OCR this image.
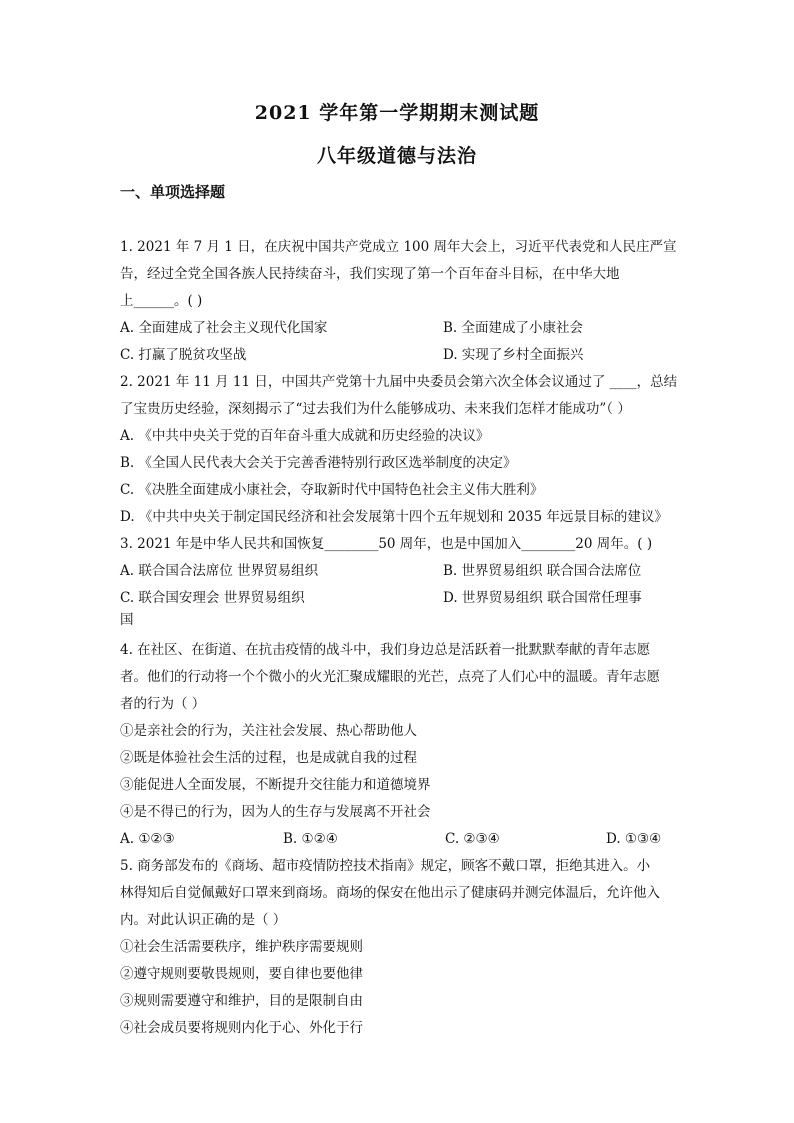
2021 学年第一学期期末测试题
八年级道德与法治
一、单项选择题
1. 2021 年 7 月 1 日，在庆祝中国共产党成立 100 周年大会上，习近平代表党和人民庄严宣
告，经过全党全国各族人民持续奋斗，我们实现了第一个百年奋斗目标，在中华大地
上______。( )
A. 全面建成了社会主义现代化国家	B. 全面建成了小康社会
C. 打赢了脱贫攻坚战	D. 实现了乡村全面振兴
2. 2021 年 11 月 11 日，中国共产党第十九届中央委员会第六次全体会议通过了 ____，总结
了宝贵历史经验，深刻揭示了“过去我们为什么能够成功、未来我们怎样才能成功”（ ）
A. 《中共中央关于党的百年奋斗重大成就和历史经验的决议》
B. 《全国人民代表大会关于完善香港特别行政区选举制度的决定》
C. 《决胜全面建成小康社会，夺取新时代中国特色社会主义伟大胜利》
D. 《中共中央关于制定国民经济和社会发展第十四个五年规划和 2035 年远景目标的建议》
3. 2021 年是中华人民共和国恢复________50 周年，也是中国加入________20 周年。( )
A. 联合国合法席位 世界贸易组织	B. 世界贸易组织 联合国合法席位
C. 联合国安理会 世界贸易组织	D. 世界贸易组织 联合国常任理事
国
4. 在社区、在街道、在抗击疫情的战斗中，我们身边总是活跃着一批默默奉献的青年志愿
者。他们的行动将一个个微小的火光汇聚成耀眼的光芒，点亮了人们心中的温暖。青年志愿
者的行为（ ）
①是亲社会的行为，关注社会发展、热心帮助他人
②既是体验社会生活的过程，也是成就自我的过程
③能促进人全面发展，不断提升交往能力和道德境界
④是不得已的行为，因为人的生存与发展离不开社会
A. ①②③	B. ①②④	C. ②③④	D. ①③④
5. 商务部发布的《商场、超市疫情防控技术指南》规定，顾客不戴口罩，拒绝其进入。小
林得知后自觉佩戴好口罩来到商场。商场的保安在他出示了健康码并测完体温后，允许他入
内。对此认识正确的是（ ）
①社会生活需要秩序，维护秩序需要规则
②遵守规则要敬畏规则，要自律也要他律
③规则需要遵守和维护，目的是限制自由
④社会成员要将规则内化于心、外化于行
